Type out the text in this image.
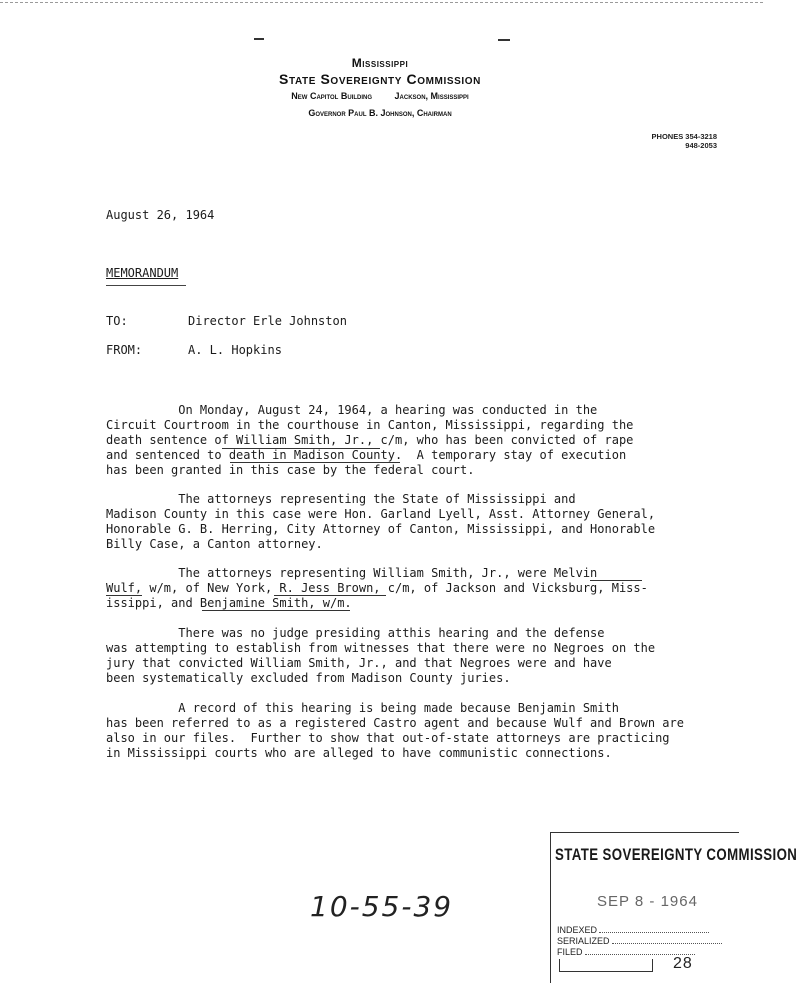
Mississippi
State Sovereignty Commission
New Capitol Building	Jackson, Mississippi
Governor Paul B. Johnson, Chairman
PHONES 354-3218
948-2053
August 26, 1964
MEMORANDUM
TO:	Director Erle Johnston
FROM:	A. L. Hopkins
On Monday, August 24, 1964, a hearing was conducted in the
Circuit Courtroom in the courthouse in Canton, Mississippi, regarding the
death sentence of William Smith, Jr., c/m, who has been convicted of rape
and sentenced to death in Madison County.  A temporary stay of execution
has been granted in this case by the federal court.
The attorneys representing the State of Mississippi and
Madison County in this case were Hon. Garland Lyell, Asst. Attorney General,
Honorable G. B. Herring, City Attorney of Canton, Mississippi, and Honorable
Billy Case, a Canton attorney.
The attorneys representing William Smith, Jr., were Melvin
Wulf, w/m, of New York, R. Jess Brown, c/m, of Jackson and Vicksburg, Miss-
issippi, and Benjamine Smith, w/m.
There was no judge presiding atthis hearing and the defense
was attempting to establish from witnesses that there were no Negroes on the
jury that convicted William Smith, Jr., and that Negroes were and have
been systematically excluded from Madison County juries.
A record of this hearing is being made because Benjamin Smith
has been referred to as a registered Castro agent and because Wulf and Brown are
also in our files.  Further to show that out-of-state attorneys are practicing
in Mississippi courts who are alleged to have communistic connections.
10-55-39
STATE SOVEREIGNTY COMMISSION
SEP 8 - 1964
INDEXED
SERIALIZED
FILED
28
